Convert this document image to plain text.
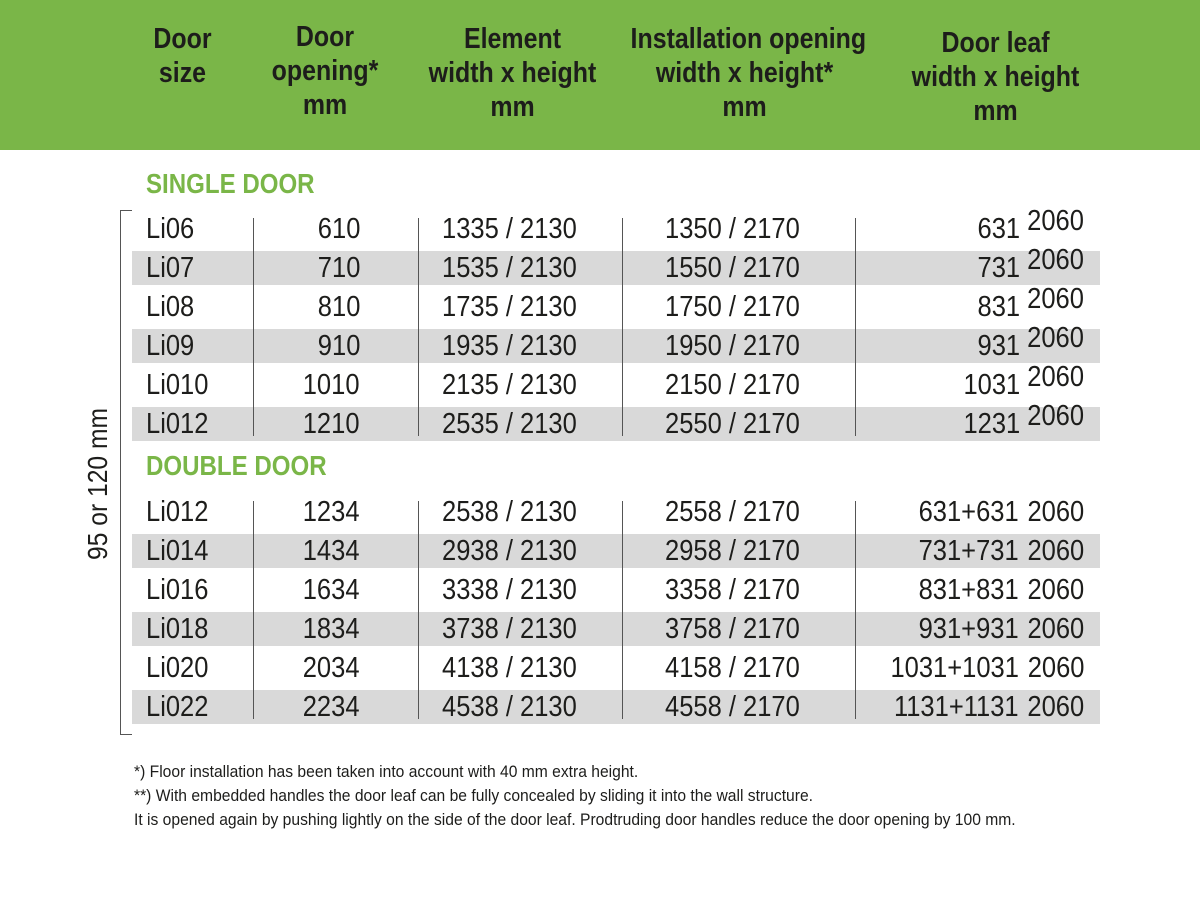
Door
size
Door
opening*
mm
Element
width x height
mm
Installation opening
width x height*
mm
Door leaf
width x height
mm
SINGLE DOOR
Li06	610	1335 / 2130	1350 / 2170	631 2060
Li07	710	1535 / 2130	1550 / 2170	731 2060
Li08	810	1735 / 2130	1750 / 2170	831 2060
Li09	910	1935 / 2130	1950 / 2170	931 2060
Li010	1010	2135 / 2130	2150 / 2170	1031 2060
Li012	1210	2535 / 2130	2550 / 2170	1231 2060
DOUBLE DOOR
Li012	1234	2538 / 2130	2558 / 2170	631+631 2060
Li014	1434	2938 / 2130	2958 / 2170	731+731 2060
Li016	1634	3338 / 2130	3358 / 2170	831+831 2060
Li018	1834	3738 / 2130	3758 / 2170	931+931 2060
Li020	2034	4138 / 2130	4158 / 2170	1031+1031 2060
Li022	2234	4538 / 2130	4558 / 2170	1131+1131 2060
95 or 120 mm
*) Floor installation has been taken into account with 40 mm extra height.
**) With embedded handles the door leaf can be fully concealed by sliding it into the wall structure.
It is opened again by pushing lightly on the side of the door leaf. Prodtruding door handles reduce the door opening by 100 mm.
